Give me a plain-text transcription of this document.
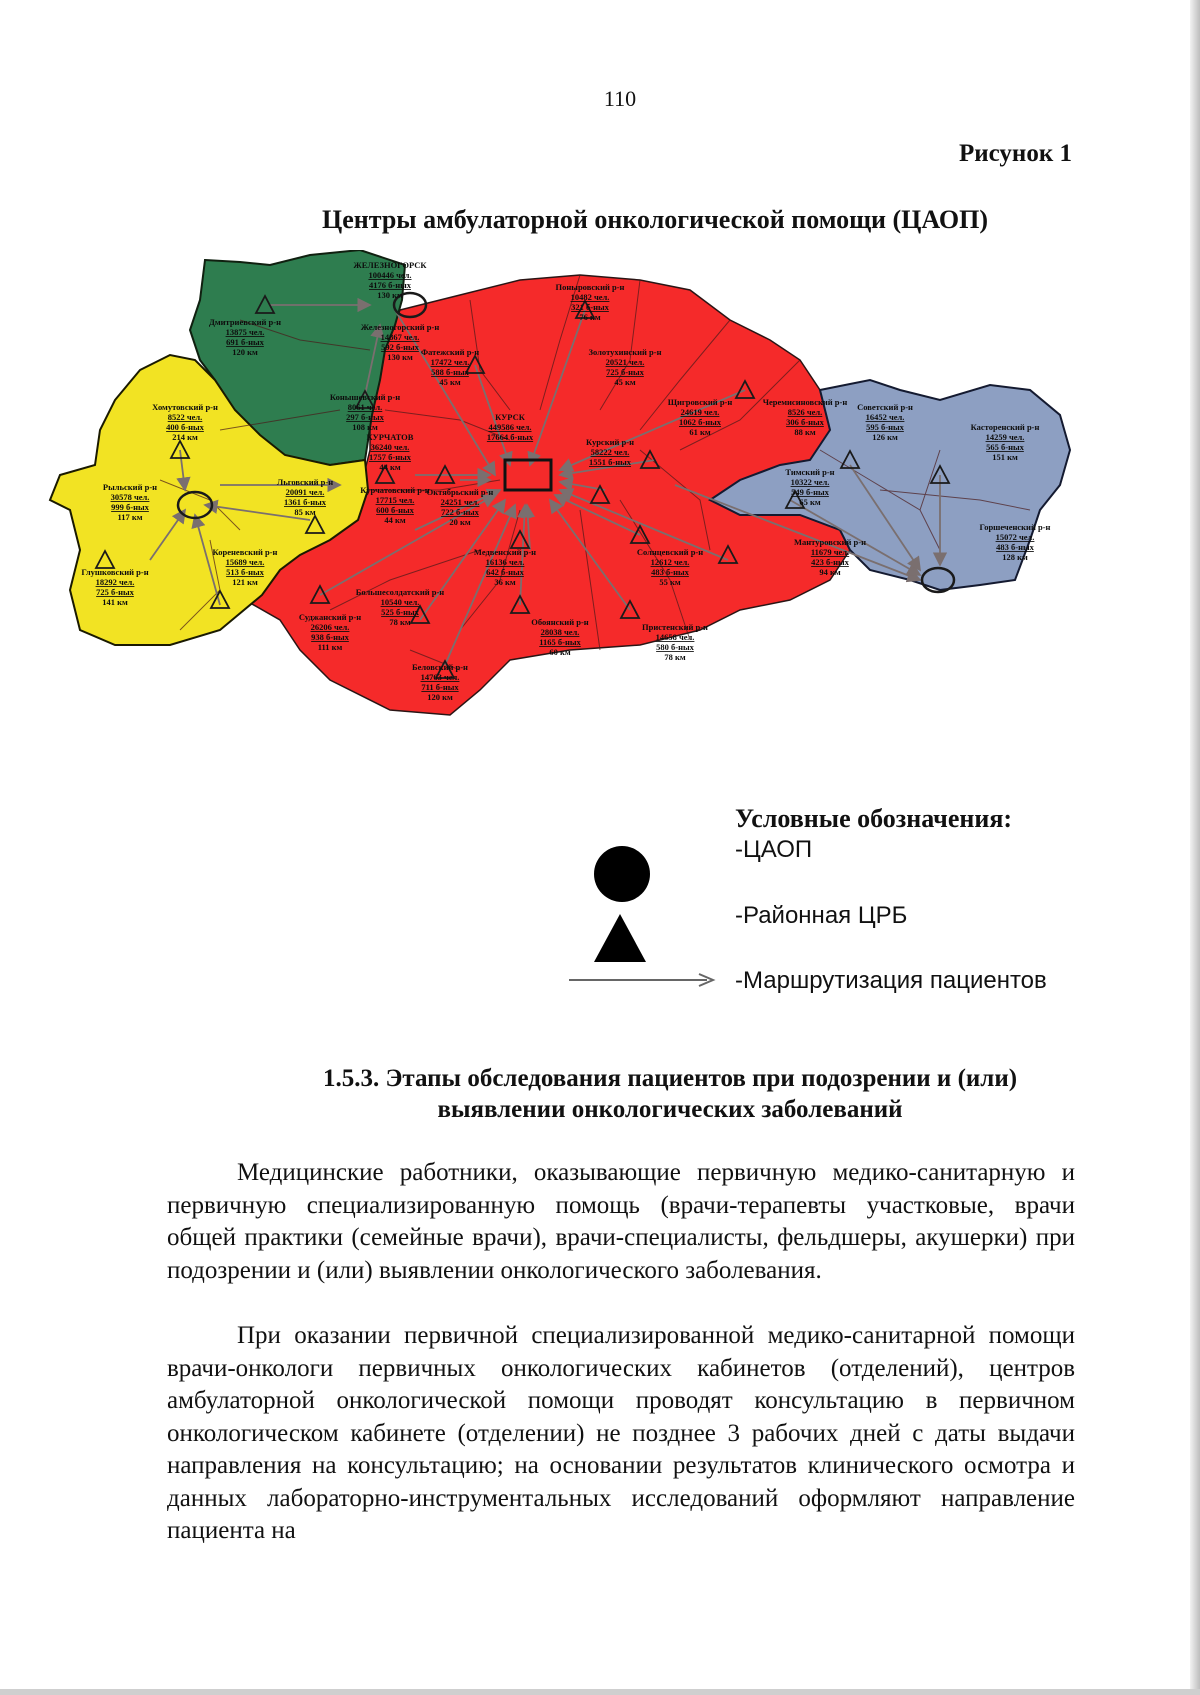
110
Рисунок 1
Центры амбулаторной онкологической помощи (ЦАОП)
ЖЕЛЕЗНОГОРСК 100446 чел. 4176 б-ных 130 км
Дмитриевский р-н 13875 чел. 691 б-ных 120 км
Железногорский р-н 14867 чел. 592 б-ных 130 км
Конышевский р-н 8061 чел. 297 б-ных 108 км
Хомутовский р-н 8522 чел. 400 б-ных 214 км
Рыльский р-н 30578 чел. 999 б-ных 117 км
Льговский р-н 20091 чел. 1361 б-ных 85 км
Кореневский р-н 15689 чел. 513 б-ных 121 км
Глушковский р-н 18292 чел. 725 б-ных 141 км
Поныровский р-н 10482 чел. 321 б-ных 76 км
Фатежский р-н 17472 чел. 588 б-ных 45 км
Золотухинский р-н 20521 чел. 725 б-ных 45 км
КУРЧАТОВ 36240 чел. 1757 б-ных 44 км
КУРСК 449586 чел. 17664 б-ных	Курский р-н 58222 чел. 1551 б-ных
Щигровский р-н 24619 чел. 1062 б-ных 61 км
Черемисиновский р-н 8526 чел. 306 б-ных 88 км
Курчатовский р-н 17715 чел. 600 б-ных 44 км
Октябрьский р-н 24251 чел. 722 б-ных 20 км
Медвенский р-н 16136 чел. 642 б-ных 36 км
Солнцевский р-н 12612 чел. 483 б-ных 55 км
Большесолдатский р-н 10540 чел. 525 б-ных 78 км
Суджанский р-н 26206 чел. 938 б-ных 111 км
Обоянский р-н 28038 чел. 1165 б-ных 60 км
Пристенский р-н 14658 чел. 580 б-ных 78 км
Беловский р-н 14763 чел. 711 б-ных 120 км
Советский р-н 16452 чел. 595 б-ных 126 км
Касторенский р-н 14259 чел. 565 б-ных 151 км
Тимский р-н 10322 чел. 549 б-ных 65 км
Мантуровский р-н 11679 чел. 423 б-ных 94 км
Горшеченский р-н 15072 чел. 483 б-ных 128 км
Условные обозначения:
-ЦАОП
-Районная ЦРБ
-Маршрутизация пациентов
1.5.3. Этапы обследования пациентов при подозрении и (или)
выявлении онкологических заболеваний

Медицинские работники, оказывающие первичную медико-санитарную и первичную специализированную помощь (врачи-терапевты участковые, врачи общей практики (семейные врачи), врачи-специалисты, фельдшеры, акушерки) при подозрении и (или) выявлении онкологического заболевания.

При оказании первичной специализированной медико-санитарной помощи врачи-онкологи первичных онкологических кабинетов (отделений), центров амбулаторной онкологической помощи проводят консультацию в первичном онкологическом кабинете (отделении) не позднее 3 рабочих дней с даты выдачи направления на консультацию; на основании результатов клинического осмотра и данных лабораторно-инструментальных исследований оформляют направление пациента на
